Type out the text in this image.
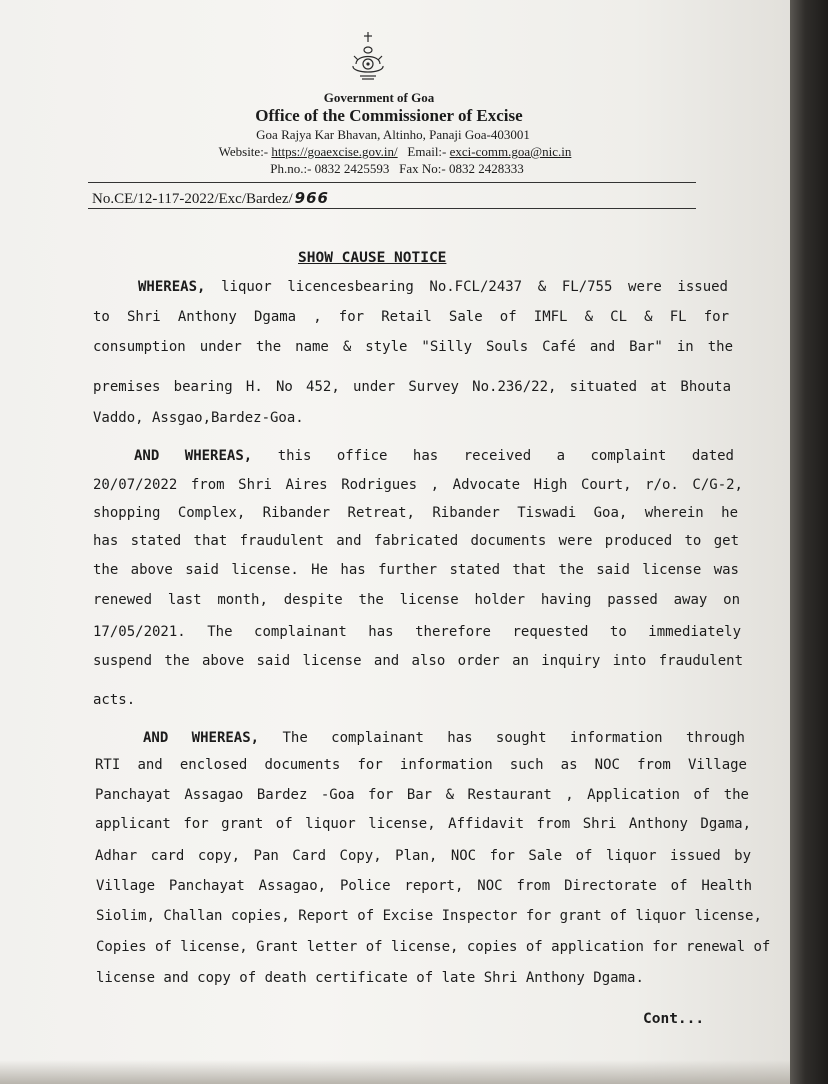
Government of Goa
Office of the Commissioner of Excise
Goa Rajya Kar Bhavan, Altinho, Panaji Goa-403001
Website:- https://goaexcise.gov.in/ Email:- exci-comm.goa@nic.in
Ph.no.:- 0832 2425593 Fax No:- 0832 2428333
No.CE/12-117-2022/Exc/Bardez/ 966
SHOW CAUSE NOTICE
WHEREAS, liquor licencesbearing No.FCL/2437 & FL/755 were issued
to Shri Anthony Dgama , for Retail Sale of IMFL & CL & FL for
consumption under the name & style "Silly Souls Café and Bar" in the
premises bearing H. No 452, under Survey No.236/22, situated at Bhouta
Vaddo, Assgao,Bardez-Goa.
AND WHEREAS, this office has received a complaint dated
20/07/2022 from Shri Aires Rodrigues , Advocate High Court, r/o. C/G-2,
shopping Complex, Ribander Retreat, Ribander Tiswadi Goa, wherein he
has stated that fraudulent and fabricated documents were produced to get
the above said license. He has further stated that the said license was
renewed last month, despite the license holder having passed away on
17/05/2021. The complainant has therefore requested to immediately
suspend the above said license and also order an inquiry into fraudulent
acts.
AND WHEREAS, The complainant has sought information through
RTI and enclosed documents for information such as NOC from Village
Panchayat Assagao Bardez -Goa for Bar & Restaurant , Application of the
applicant for grant of liquor license, Affidavit from Shri Anthony Dgama,
Adhar card copy, Pan Card Copy, Plan, NOC for Sale of liquor issued by
Village Panchayat Assagao, Police report, NOC from Directorate of Health
Siolim, Challan copies, Report of Excise Inspector for grant of liquor license,
Copies of license, Grant letter of license, copies of application for renewal of
license and copy of death certificate of late Shri Anthony Dgama.
Cont...
